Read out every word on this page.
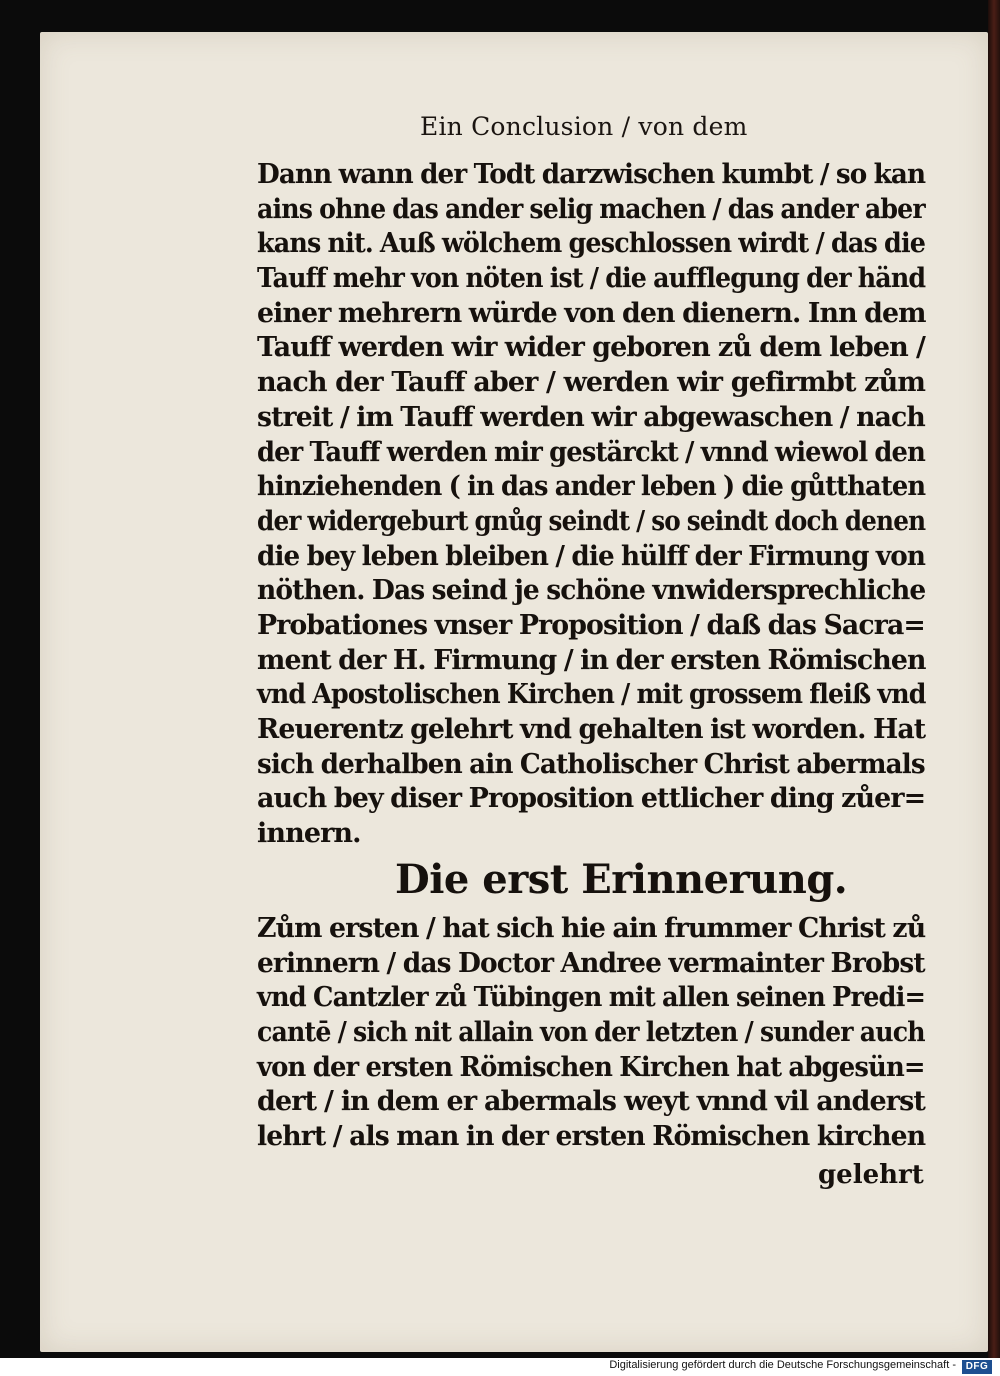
Ein Conclusion / von dem
Dann wann der Todt darzwischen kumbt / so kan
ains ohne das ander selig machen / das ander aber
kans nit. Auß wölchem geschlossen wirdt / das die
Tauff mehr von nöten ist / die aufflegung der händ
einer mehrern würde von den dienern. Inn dem
Tauff werden wir wider geboren zů dem leben /
nach der Tauff aber / werden wir gefirmbt zům
streit / im Tauff werden wir abgewaschen / nach
der Tauff werden mir gestärckt / vnnd wiewol den
hinziehenden ( in das ander leben ) die gůtthaten
der widergeburt gnůg seindt / so seindt doch denen
die bey leben bleiben / die hülff der Firmung von
nöthen. Das seind je schöne vnwidersprechliche
Probationes vnser Proposition / daß das Sacra=
ment der H. Firmung / in der ersten Römischen
vnd Apostolischen Kirchen / mit grossem fleiß vnd
Reuerentz gelehrt vnd gehalten ist worden. Hat
sich derhalben ain Catholischer Christ abermals
auch bey diser Proposition ettlicher ding zůer=
innern.
Die erst Erinnerung.
Zům ersten / hat sich hie ain frummer Christ zů
erinnern / das Doctor Andree vermainter Brobst
vnd Cantzler zů Tübingen mit allen seinen Predi=
cantē / sich nit allain von der letzten / sunder auch
von der ersten Römischen Kirchen hat abgesün=
dert / in dem er abermals weyt vnnd vil anderst
lehrt / als man in der ersten Römischen kirchen
gelehrt
Digitalisierung gefördert durch die Deutsche Forschungsgemeinschaft - DFG
